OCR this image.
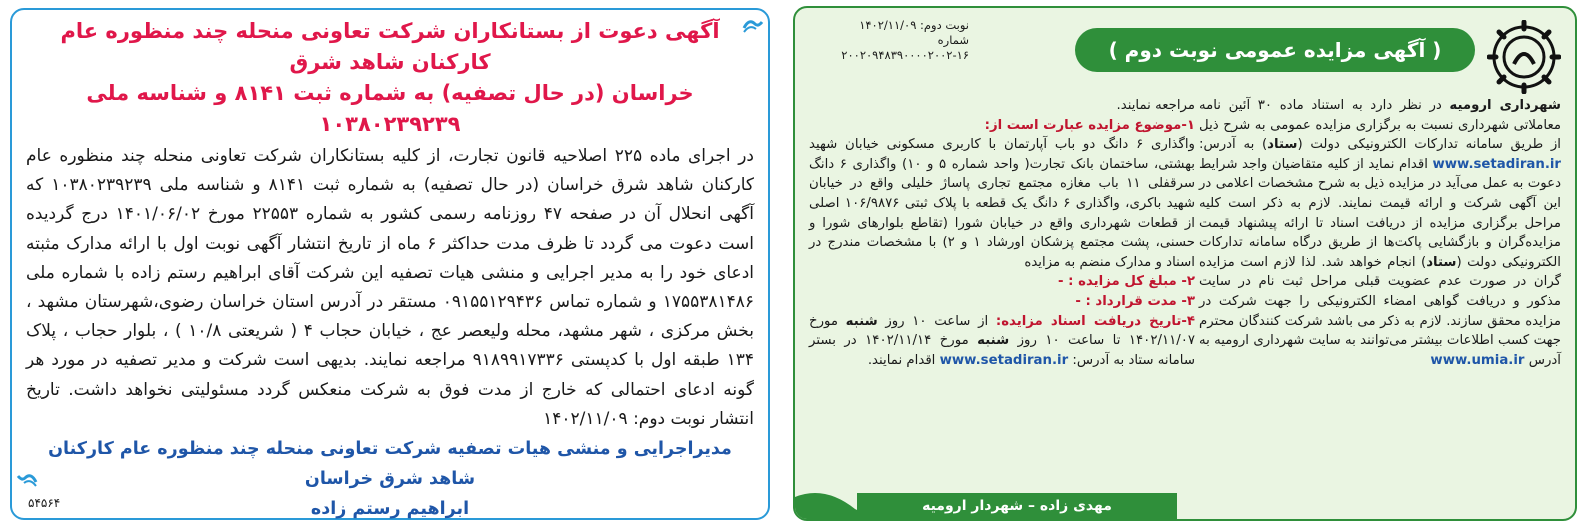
آگهی دعوت از بستانکاران شرکت تعاونی منحله چند منظوره عام کارکنان شاهد شرق
خراسان (در حال تصفیه) به شماره ثبت ۸۱۴۱ و شناسه ملی ۱۰۳۸۰۲۳۹۲۳۹
در اجرای ماده ۲۲۵ اصلاحیه قانون تجارت، از کلیه بستانکاران شرکت تعاونی منحله چند منظوره عام کارکنان شاهد شرق خراسان (در حال تصفیه) به شماره ثبت ۸۱۴۱ و شناسه ملی ۱۰۳۸۰۲۳۹۲۳۹ که آگهی انحلال آن در صفحه ۴۷ روزنامه رسمی کشور به شماره ۲۲۵۵۳ مورخ ۱۴۰۱/۰۶/۰۲ درج گردیده است دعوت می گردد تا ظرف مدت حداکثر ۶ ماه از تاریخ انتشار آگهی نوبت اول با ارائه مدارک مثبته ادعای خود را به مدیر اجرایی و منشی هیات تصفیه این شرکت آقای ابراهیم رستم زاده با شماره ملی ۱۷۵۵۳۸۱۴۸۶ و شماره تماس ۰۹۱۵۵۱۲۹۴۳۶ مستقر در آدرس استان خراسان رضوی،شهرستان مشهد ، بخش مرکزی ، شهر مشهد، محله ولیعصر عج ، خیابان حجاب ۴ ( شریعتی ۱۰/۸ ) ، بلوار حجاب ، پلاک ۱۳۴ طبقه اول با کدپستی ۹۱۸۹۹۱۷۳۳۶ مراجعه نمایند. بدیهی است شرکت و مدیر تصفیه در مورد هر گونه ادعای احتمالی که خارج از مدت فوق به شرکت منعکس گردد مسئولیتی نخواهد داشت. تاریخ انتشار نوبت دوم: ۱۴۰۲/۱۱/۰۹
مدیراجرایی و منشی هیات تصفیه شرکت تعاونی منحله چند منظوره عام کارکنان شاهد شرق خراسان
ابراهیم رستم زاده
۵۴۵۶۴
( آگهی مزایده عمومی نوبت دوم )
نوبت دوم: ۱۴۰۲/۱۱/۰۹
شماره ۱۶-۲۰۰۲۰۹۴۸۳۹۰۰۰۰۲۰۰۲
شهرداری ارومیه در نظر دارد به استناد ماده ۳۰ آئین نامه معاملاتی شهرداری نسبت به برگزاری مزایده عمومی به شرح ذیل از طریق سامانه تدارکات الکترونیکی دولت (ستاد) به آدرس: www.setadiran.ir اقدام نماید از کلیه متقاضیان واجد شرایط دعوت به عمل می‌آید در مزایده ذیل به شرح مشخصات اعلامی در این آگهی شرکت و ارائه قیمت نمایند. لازم به ذکر است کلیه مراحل برگزاری مزایده از دریافت اسناد تا ارائه پیشنهاد قیمت مزایده‌گران و بازگشایی پاکت‌ها از طریق درگاه سامانه تدارکات الکترونیکی دولت (ستاد) انجام خواهد شد. لذا لازم است مزایده گران در صورت عدم عضویت قبلی مراحل ثبت نام در سایت مذکور و دریافت گواهی امضاء الکترونیکی را جهت شرکت در مزایده محقق سازند. لازم به ذکر می باشد شرکت کنندگان محترم جهت کسب اطلاعات بیشتر می‌توانند به سایت شهرداری ارومیه به آدرس www.umia.ir
مراجعه نمایند.
۱-موضوع مزایده عبارت است از:
واگذاری ۶ دانگ دو باب آپارتمان با کاربری مسکونی خیابان شهید بهشتی، ساختمان بانک تجارت( واحد شماره ۵ و ۱۰) واگذاری ۶ دانگ سرقفلی ۱۱ باب مغازه مجتمع تجاری پاساژ خلیلی واقع در خیابان شهید باکری، واگذاری ۶ دانگ یک قطعه با پلاک ثبتی ۱۰۶/۹۸۷۶ اصلی از قطعات شهرداری واقع در خیابان شورا (تقاطع بلوارهای شورا و حسنی، پشت مجتمع پزشکان اورشاد ۱ و ۲) با مشخصات مندرج در اسناد و مدارک منضم به مزایده
۲- مبلغ کل مزایده : -
۳- مدت قرارداد : -
۴-تاریخ دریافت اسناد مزایده: از ساعت ۱۰ روز شنبه مورخ ۱۴۰۲/۱۱/۰۷ تا ساعت ۱۰ روز شنبه مورخ ۱۴۰۲/۱۱/۱۴ در بستر سامانه ستاد به آدرس: www.setadiran.ir اقدام نمایند.
مهدی زاده – شهردار ارومیه
